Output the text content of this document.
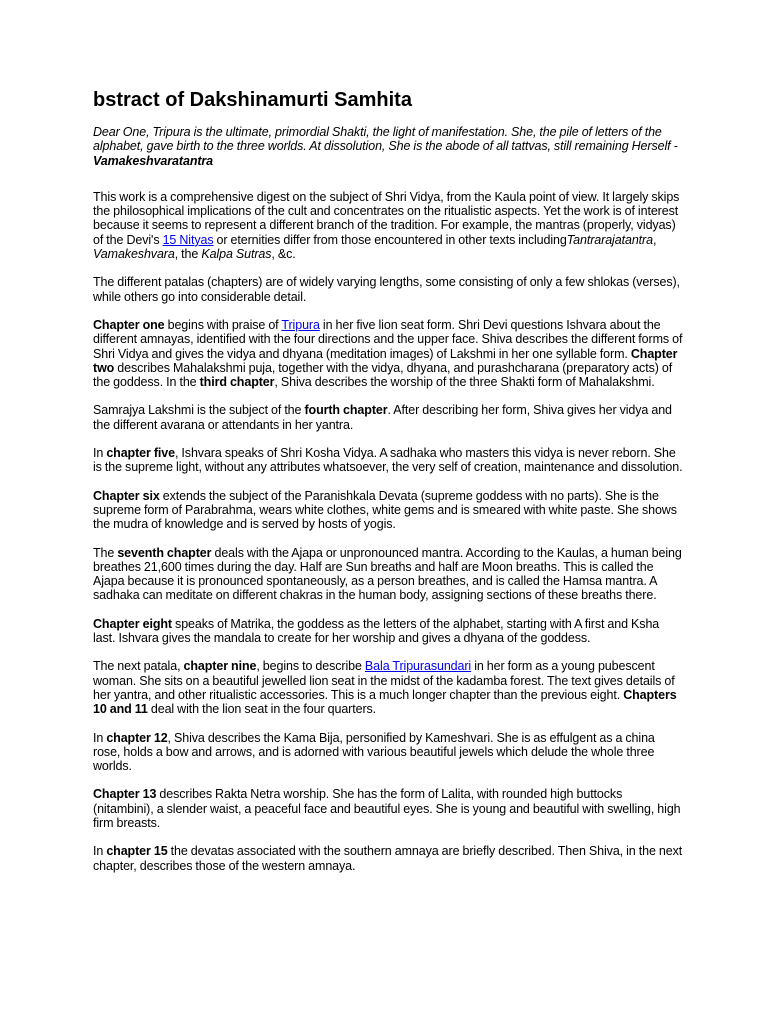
bstract of Dakshinamurti Samhita

Dear One, Tripura is the ultimate, primordial Shakti, the light of manifestation. She, the pile of letters of the alphabet, gave birth to the three worlds. At dissolution, She is the abode of all tattvas, still remaining Herself - Vamakeshvaratantra

This work is a comprehensive digest on the subject of Shri Vidya, from the Kaula point of view. It largely skips the philosophical implications of the cult and concentrates on the ritualistic aspects. Yet the work is of interest because it seems to represent a different branch of the tradition. For example, the mantras (properly, vidyas) of the Devi's 15 Nityas or eternities differ from those encountered in other texts includingTantrarajatantra, Vamakeshvara, the Kalpa Sutras, &c.

The different patalas (chapters) are of widely varying lengths, some consisting of only a few shlokas (verses), while others go into considerable detail.

Chapter one begins with praise of Tripura in her five lion seat form. Shri Devi questions Ishvara about the different amnayas, identified with the four directions and the upper face. Shiva describes the different forms of Shri Vidya and gives the vidya and dhyana (meditation images) of Lakshmi in her one syllable form. Chapter two describes Mahalakshmi puja, together with the vidya, dhyana, and purashcharana (preparatory acts) of the goddess. In the third chapter, Shiva describes the worship of the three Shakti form of Mahalakshmi.

Samrajya Lakshmi is the subject of the fourth chapter. After describing her form, Shiva gives her vidya and the different avarana or attendants in her yantra.

In chapter five, Ishvara speaks of Shri Kosha Vidya. A sadhaka who masters this vidya is never reborn. She is the supreme light, without any attributes whatsoever, the very self of creation, maintenance and dissolution.

Chapter six extends the subject of the Paranishkala Devata (supreme goddess with no parts). She is the supreme form of Parabrahma, wears white clothes, white gems and is smeared with white paste. She shows the mudra of knowledge and is served by hosts of yogis.

The seventh chapter deals with the Ajapa or unpronounced mantra. According to the Kaulas, a human being breathes 21,600 times during the day. Half are Sun breaths and half are Moon breaths. This is called the Ajapa because it is pronounced spontaneously, as a person breathes, and is called the Hamsa mantra. A sadhaka can meditate on different chakras in the human body, assigning sections of these breaths there.

Chapter eight speaks of Matrika, the goddess as the letters of the alphabet, starting with A first and Ksha last. Ishvara gives the mandala to create for her worship and gives a dhyana of the goddess.

The next patala, chapter nine, begins to describe Bala Tripurasundari in her form as a young pubescent woman. She sits on a beautiful jewelled lion seat in the midst of the kadamba forest. The text gives details of her yantra, and other ritualistic accessories. This is a much longer chapter than the previous eight. Chapters 10 and 11 deal with the lion seat in the four quarters.

In chapter 12, Shiva describes the Kama Bija, personified by Kameshvari. She is as effulgent as a china rose, holds a bow and arrows, and is adorned with various beautiful jewels which delude the whole three worlds.

Chapter 13 describes Rakta Netra worship. She has the form of Lalita, with rounded high buttocks (nitambini), a slender waist, a peaceful face and beautiful eyes. She is young and beautiful with swelling, high firm breasts.

In chapter 15 the devatas associated with the southern amnaya are briefly described. Then Shiva, in the next chapter, describes those of the western amnaya.
